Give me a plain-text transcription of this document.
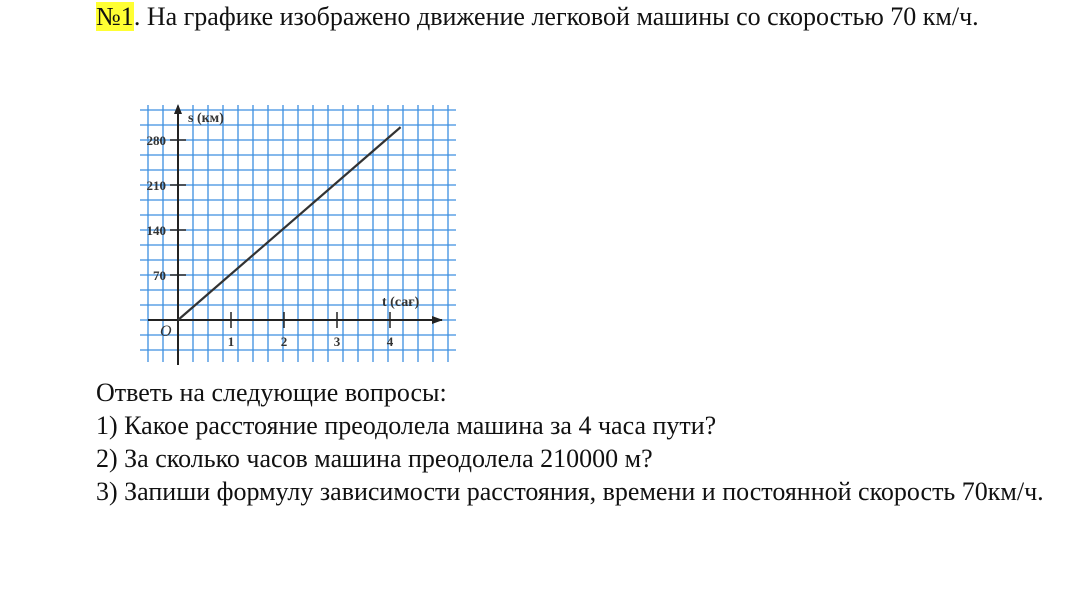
№1. На графике изображено движение легковой машины со скоростью 70 км/ч.
70
140
210
280
1	2	3	4
O
s (км)
t (сағ)
Ответь на следующие вопросы:
1) Какое расстояние преодолела машина за 4 часа пути?
2) За сколько часов машина преодолела 210000 м?
3) Запиши формулу зависимости расстояния, времени и постоянной скорость 70км/ч.
